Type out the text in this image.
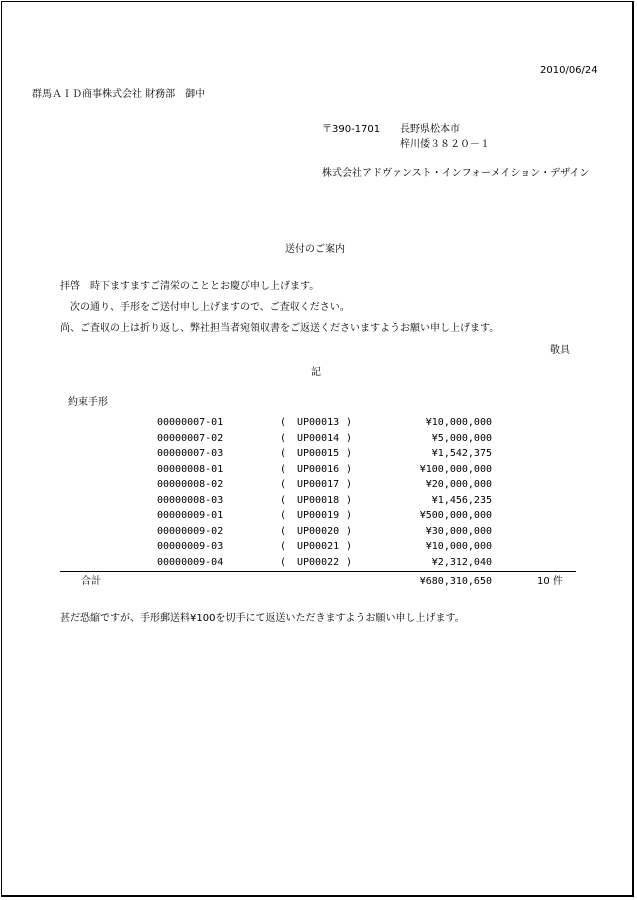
2010/06/24
群馬ＡＩＤ商事株式会社 財務部　御中
〒390-1701 長野県松本市
梓川倭３８２０－１
株式会社アドヴァンスト・インフォーメイション・デザイン
送付のご案内
拝啓　時下ますますご清栄のこととお慶び申し上げます。
　次の通り、手形をご送付申し上げますので、ご査収ください。
尚、ご査収の上は折り返し、弊社担当者宛領収書をご返送くださいますようお願い申し上げます。
敬具
記
約束手形
00000007-01	( UP00013 )	¥10,000,000
00000007-02	( UP00014 )	¥5,000,000
00000007-03	( UP00015 )	¥1,542,375
00000008-01	( UP00016 )	¥100,000,000
00000008-02	( UP00017 )	¥20,000,000
00000008-03	( UP00018 )	¥1,456,235
00000009-01	( UP00019 )	¥500,000,000
00000009-02	( UP00020 )	¥30,000,000
00000009-03	( UP00021 )	¥10,000,000
00000009-04	( UP00022 )	¥2,312,040
合計	¥680,310,650	10 件
甚だ恐縮ですが、手形郵送料¥100を切手にて返送いただきますようお願い申し上げます。
